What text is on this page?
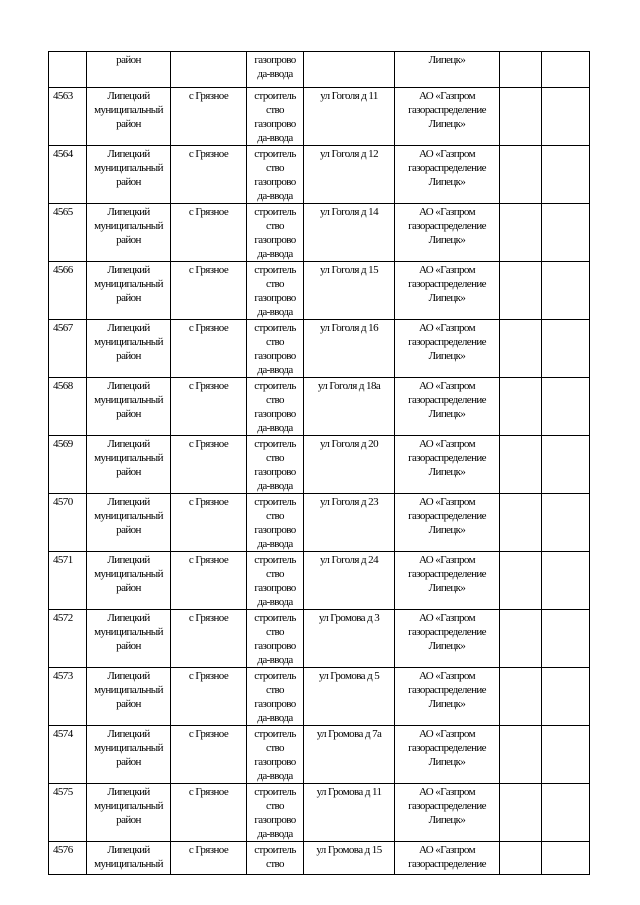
	район		газопрово
да-ввода		Липецк»		

4563	Липецкий
муниципальный
район	с Грязное	строитель
ство
газопрово
да-ввода	ул Гоголя д 11	АО «Газпром
газораспределение
Липецк»		

4564	Липецкий
муниципальный
район	с Грязное	строитель
ство
газопрово
да-ввода	ул Гоголя д 12	АО «Газпром
газораспределение
Липецк»		

4565	Липецкий
муниципальный
район	с Грязное	строитель
ство
газопрово
да-ввода	ул Гоголя д 14	АО «Газпром
газораспределение
Липецк»		

4566	Липецкий
муниципальный
район	с Грязное	строитель
ство
газопрово
да-ввода	ул Гоголя д 15	АО «Газпром
газораспределение
Липецк»		

4567	Липецкий
муниципальный
район	с Грязное	строитель
ство
газопрово
да-ввода	ул Гоголя д 16	АО «Газпром
газораспределение
Липецк»		

4568	Липецкий
муниципальный
район	с Грязное	строитель
ство
газопрово
да-ввода	ул Гоголя д 18а	АО «Газпром
газораспределение
Липецк»		

4569	Липецкий
муниципальный
район	с Грязное	строитель
ство
газопрово
да-ввода	ул Гоголя д 20	АО «Газпром
газораспределение
Липецк»		

4570	Липецкий
муниципальный
район	с Грязное	строитель
ство
газопрово
да-ввода	ул Гоголя д 23	АО «Газпром
газораспределение
Липецк»		

4571	Липецкий
муниципальный
район	с Грязное	строитель
ство
газопрово
да-ввода	ул Гоголя д 24	АО «Газпром
газораспределение
Липецк»		

4572	Липецкий
муниципальный
район	с Грязное	строитель
ство
газопрово
да-ввода	ул Громова д 3	АО «Газпром
газораспределение
Липецк»		

4573	Липецкий
муниципальный
район	с Грязное	строитель
ство
газопрово
да-ввода	ул Громова д 5	АО «Газпром
газораспределение
Липецк»		

4574	Липецкий
муниципальный
район	с Грязное	строитель
ство
газопрово
да-ввода	ул Громова д 7а	АО «Газпром
газораспределение
Липецк»		

4575	Липецкий
муниципальный
район	с Грязное	строитель
ство
газопрово
да-ввода	ул Громова д 11	АО «Газпром
газораспределение
Липецк»		

4576	Липецкий
муниципальный	с Грязное	строитель
ство	ул Громова д 15	АО «Газпром
газораспределение		
